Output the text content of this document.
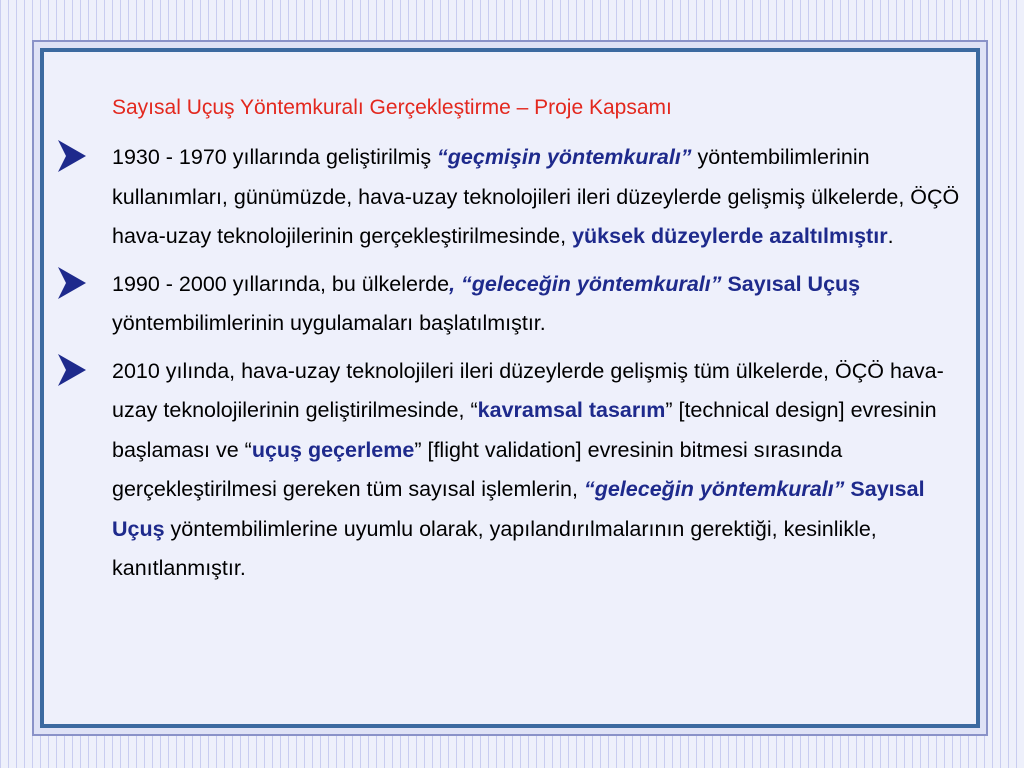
Sayısal Uçuş Yöntemkuralı Gerçekleştirme – Proje Kapsamı
1930 - 1970 yıllarında geliştirilmiş “geçmişin yöntemkuralı” yöntembilimlerinin kullanımları, günümüzde, hava-uzay teknolojileri ileri düzeylerde gelişmiş ülkelerde, ÖÇÖ hava-uzay teknolojilerinin gerçekleştirilmesinde, yüksek düzeylerde azaltılmıştır.
1990 - 2000 yıllarında, bu ülkelerde, “geleceğin yöntemkuralı” Sayısal Uçuş yöntembilimlerinin uygulamaları başlatılmıştır.
2010 yılında, hava-uzay teknolojileri ileri düzeylerde gelişmiş tüm ülkelerde, ÖÇÖ hava-uzay teknolojilerinin geliştirilmesinde, “kavramsal tasarım” [technical design] evresinin başlaması ve “uçuş geçerleme” [flight validation] evresinin bitmesi sırasında gerçekleştirilmesi gereken tüm sayısal işlemlerin, “geleceğin yöntemkuralı” Sayısal Uçuş yöntembilimlerine uyumlu olarak, yapılandırılmalarının gerektiği, kesinlikle, kanıtlanmıştır.
